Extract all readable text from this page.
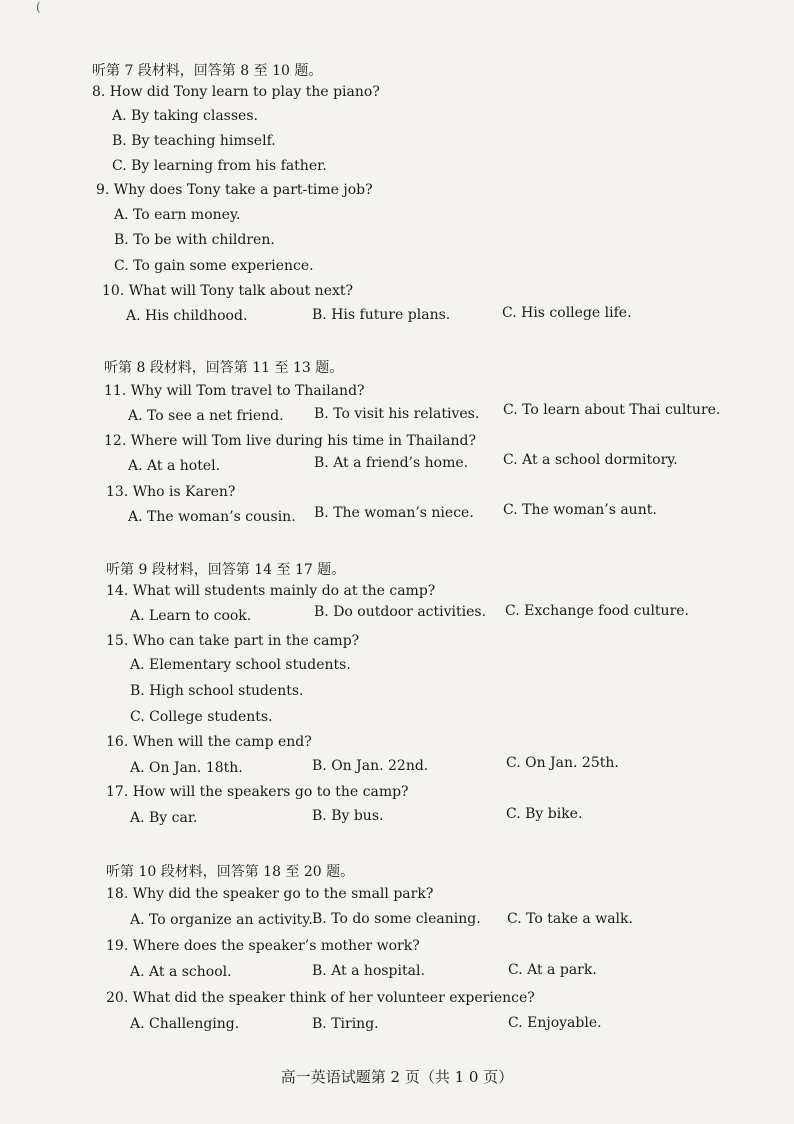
(
听第 7 段材料，回答第 8 至 10 题。
8. How did Tony learn to play the piano?
A. By taking classes.
B. By teaching himself.
C. By learning from his father.
9. Why does Tony take a part-time job?
A. To earn money.
B. To be with children.
C. To gain some experience.
10. What will Tony talk about next?
A. His childhood.	B. His future plans.	C. His college life.
听第 8 段材料，回答第 11 至 13 题。
11. Why will Tom travel to Thailand?
A. To see a net friend. B. To visit his relatives. C. To learn about Thai culture.
12. Where will Tom live during his time in Thailand?
A. At a hotel.	B. At a friend’s home. C. At a school dormitory.
13. Who is Karen?
A. The woman’s cousin. B. The woman’s niece. C. The woman’s aunt.
听第 9 段材料，回答第 14 至 17 题。
14. What will students mainly do at the camp?
A. Learn to cook.	B. Do outdoor activities. C. Exchange food culture.
15. Who can take part in the camp?
A. Elementary school students.
B. High school students.
C. College students.
16. When will the camp end?
A. On Jan. 18th.	B. On Jan. 22nd.	C. On Jan. 25th.
17. How will the speakers go to the camp?
A. By car.	B. By bus.	C. By bike.
听第 10 段材料，回答第 18 至 20 题。
18. Why did the speaker go to the small park?
A. To organize an activity. B. To do some cleaning. C. To take a walk.
19. Where does the speaker’s mother work?
A. At a school.	B. At a hospital.	C. At a park.
20. What did the speaker think of her volunteer experience?
A. Challenging.	B. Tiring.	C. Enjoyable.
高一英语试题第 2 页（共 1 0 页）
